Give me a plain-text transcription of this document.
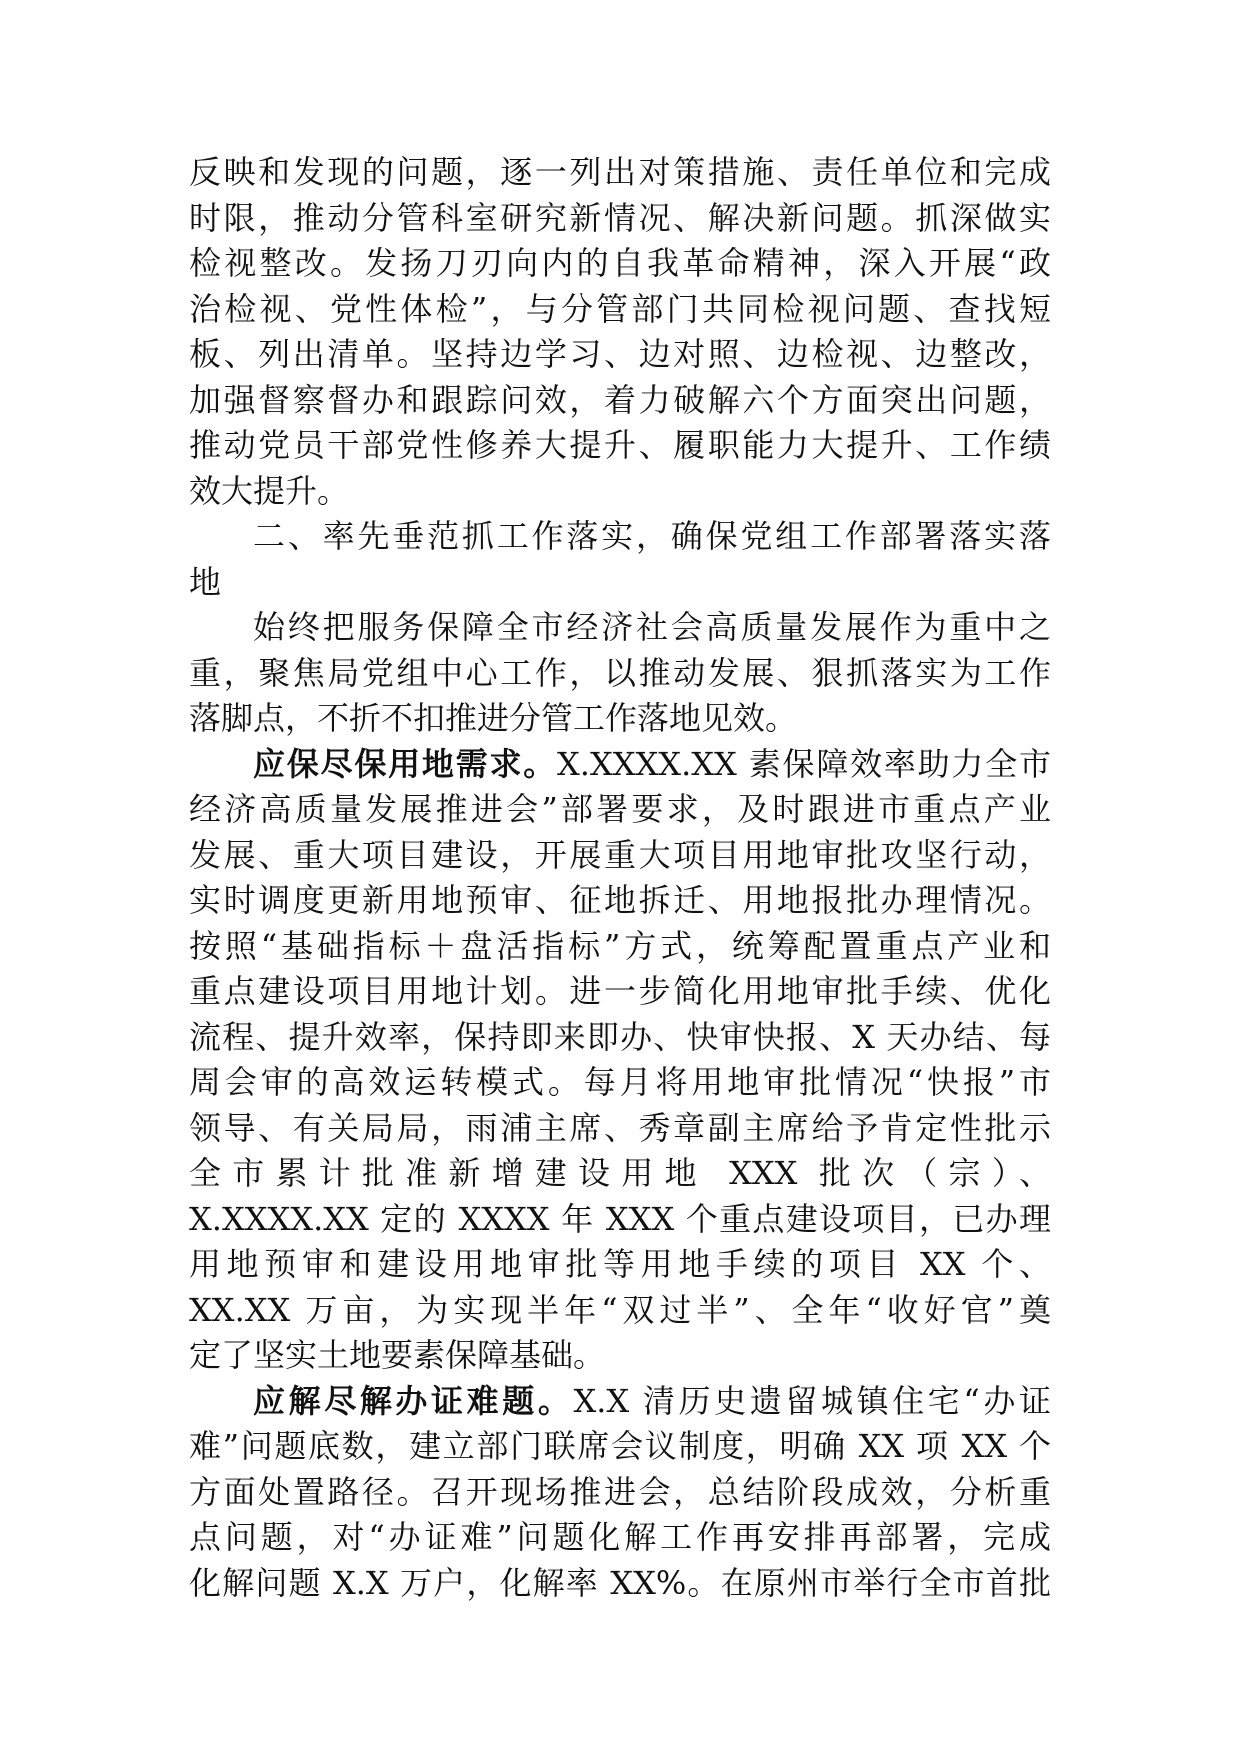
反映和发现的问题，逐一列出对策措施、责任单位和完成
时限，推动分管科室研究新情况、解决新问题。抓深做实
检视整改。发扬刀刃向内的自我革命精神，深入开展“政
治检视、党性体检”，与分管部门共同检视问题、查找短
板、列出清单。坚持边学习、边对照、边检视、边整改，
加强督察督办和跟踪问效，着力破解六个方面突出问题，
推动党员干部党性修养大提升、履职能力大提升、工作绩
效大提升。
二、率先垂范抓工作落实，确保党组工作部署落实落
地
始终把服务保障全市经济社会高质量发展作为重中之
重，聚焦局党组中心工作，以推动发展、狠抓落实为工作
落脚点，不折不扣推进分管工作落地见效。
应保尽保用地需求。X.XXXX.XX 素保障效率助力全市
经济高质量发展推进会”部署要求，及时跟进市重点产业
发展、重大项目建设，开展重大项目用地审批攻坚行动，
实时调度更新用地预审、征地拆迁、用地报批办理情况。
按照“基础指标＋盘活指标”方式，统筹配置重点产业和
重点建设项目用地计划。进一步简化用地审批手续、优化
流程、提升效率，保持即来即办、快审快报、X 天办结、每
周会审的高效运转模式。每月将用地审批情况“快报”市
领导、有关局局，雨浦主席、秀章副主席给予肯定性批示
全市累计批准新增建设用地 XXX 批次（宗）、
X.XXXX.XX 定的 XXXX 年 XXX 个重点建设项目，已办理
用地预审和建设用地审批等用地手续的项目 XX 个、
XX.XX 万亩，为实现半年“双过半”、全年“收好官”奠
定了坚实土地要素保障基础。
应解尽解办证难题。X.X 清历史遗留城镇住宅“办证
难”问题底数，建立部门联席会议制度，明确 XX 项 XX 个
方面处置路径。召开现场推进会，总结阶段成效，分析重
点问题，对“办证难”问题化解工作再安排再部署，完成
化解问题 X.X 万户，化解率 XX%。在原州市举行全市首批
